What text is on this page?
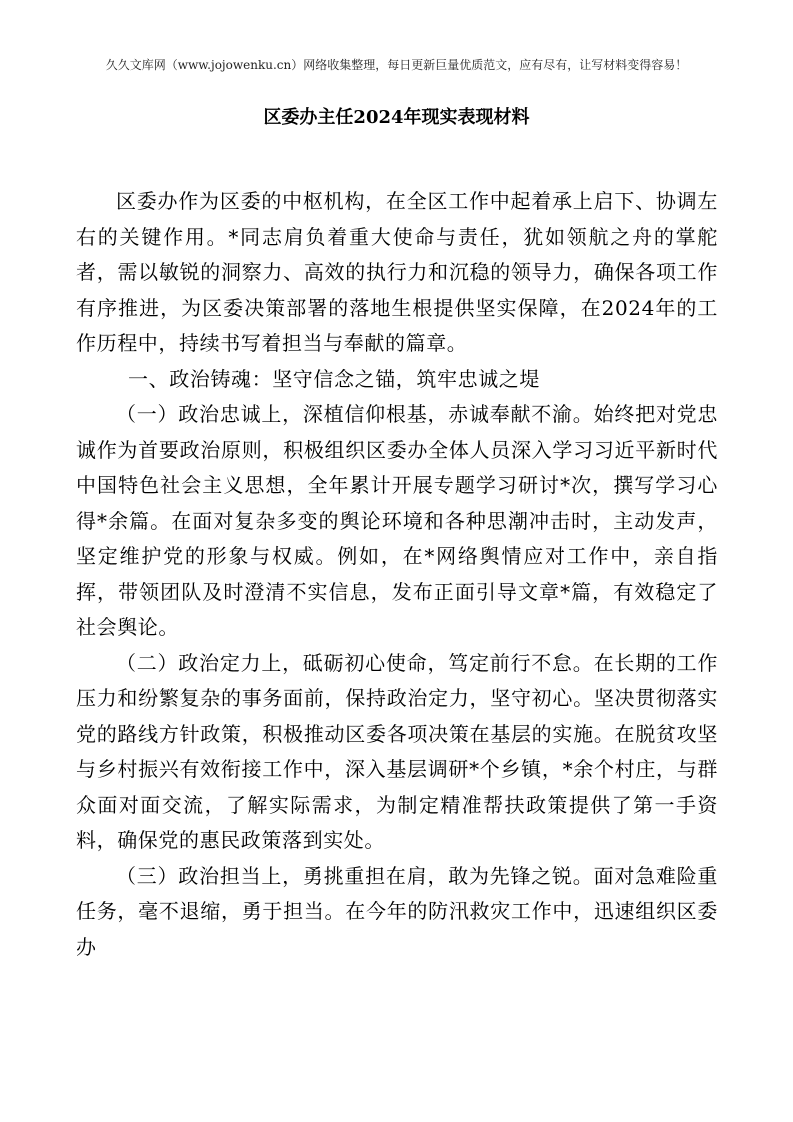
久久文库网（www.jojowenku.cn）网络收集整理，每日更新巨量优质范文，应有尽有，让写材料变得容易！
区委办主任2024年现实表现材料

区委办作为区委的中枢机构，在全区工作中起着承上启下、协调左右的关键作用。*同志肩负着重大使命与责任，犹如领航之舟的掌舵者，需以敏锐的洞察力、高效的执行力和沉稳的领导力，确保各项工作有序推进，为区委决策部署的落地生根提供坚实保障，在2024年的工作历程中，持续书写着担当与奉献的篇章。

一、政治铸魂：坚守信念之锚，筑牢忠诚之堤

（一）政治忠诚上，深植信仰根基，赤诚奉献不渝。始终把对党忠诚作为首要政治原则，积极组织区委办全体人员深入学习习近平新时代中国特色社会主义思想，全年累计开展专题学习研讨*次，撰写学习心得*余篇。在面对复杂多变的舆论环境和各种思潮冲击时，主动发声，坚定维护党的形象与权威。例如，在*网络舆情应对工作中，亲自指挥，带领团队及时澄清不实信息，发布正面引导文章*篇，有效稳定了社会舆论。

（二）政治定力上，砥砺初心使命，笃定前行不怠。在长期的工作压力和纷繁复杂的事务面前，保持政治定力，坚守初心。坚决贯彻落实党的路线方针政策，积极推动区委各项决策在基层的实施。在脱贫攻坚与乡村振兴有效衔接工作中，深入基层调研*个乡镇，*余个村庄，与群众面对面交流，了解实际需求，为制定精准帮扶政策提供了第一手资料，确保党的惠民政策落到实处。

（三）政治担当上，勇挑重担在肩，敢为先锋之锐。面对急难险重任务，毫不退缩，勇于担当。在今年的防汛救灾工作中，迅速组织区委办
